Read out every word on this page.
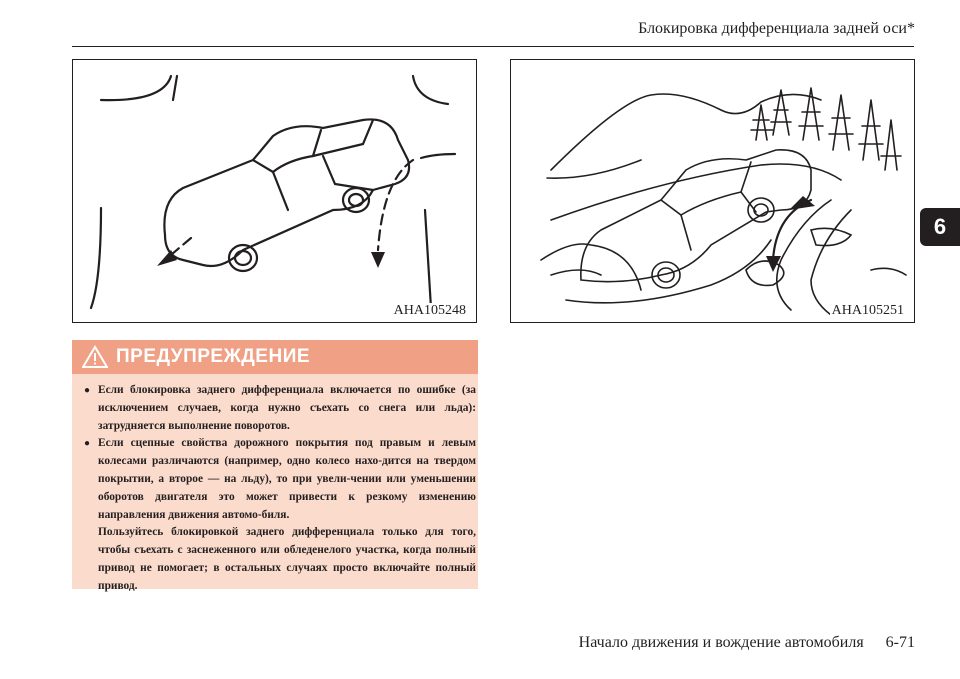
Блокировка дифференциала задней оси*
6
AHA105248	AHA105251
ПРЕДУПРЕЖДЕНИЕ
● Если блокировка заднего дифференциала включается по ошибке (за исключением случаев, когда нужно съехать со снега или льда): затрудняется выполнение поворотов.
● Если сцепные свойства дорожного покрытия под правым и левым колесами различаются (например, одно колесо нахо-дится на твердом покрытии, а второе — на льду), то при увели-чении или уменьшении оборотов двигателя это может привести к резкому изменению направления движения автомо-биля.
Пользуйтесь блокировкой заднего дифференциала только для того, чтобы съехать с заснеженного или обледенелого участка, когда полный привод не помогает; в остальных случаях просто включайте полный привод.
Начало движения и вождение автомобиля 6-71
